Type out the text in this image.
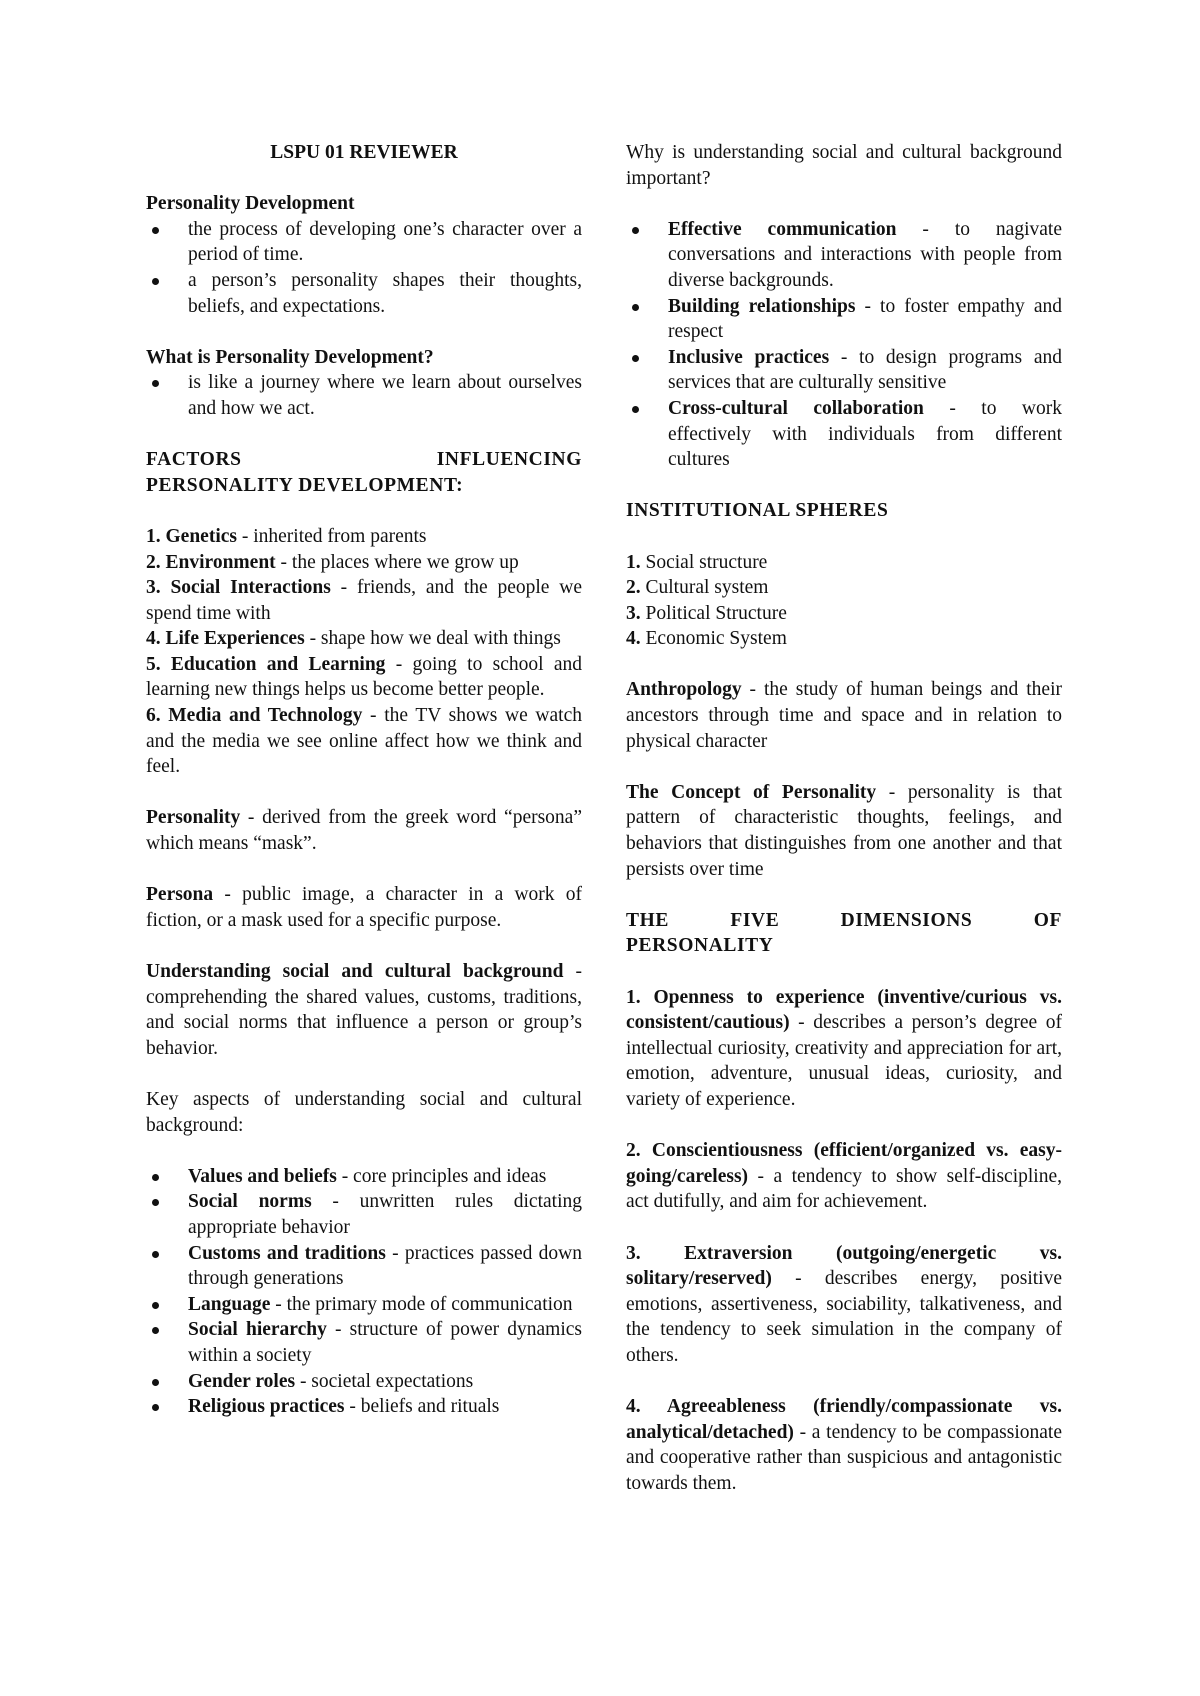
LSPU 01 REVIEWER

Personality Development

the process of developing one’s character over a period of time.
a person’s personality shapes their thoughts, beliefs, and expectations.

What is Personality Development?

is like a journey where we learn about ourselves and how we act.

FACTORS INFLUENCING

PERSONALITY DEVELOPMENT:

1. Genetics - inherited from parents

2. Environment - the places where we grow up

3. Social Interactions - friends, and the people we spend time with

4. Life Experiences - shape how we deal with things

5. Education and Learning - going to school and learning new things helps us become better people.

6. Media and Technology - the TV shows we watch and the media we see online affect how we think and feel.

Personality - derived from the greek word “persona” which means “mask”.

Persona - public image, a character in a work of fiction, or a mask used for a specific purpose.

Understanding social and cultural background - comprehending the shared values, customs, traditions, and social norms that influence a person or group’s behavior.

Key aspects of understanding social and cultural background:

Values and beliefs - core principles and ideas
Social norms - unwritten rules dictating appropriate behavior
Customs and traditions - practices passed down through generations
Language - the primary mode of communication
Social hierarchy - structure of power dynamics within a society
Gender roles - societal expectations
Religious practices - beliefs and rituals

Why is understanding social and cultural background important?

Effective communication - to nagivate conversations and interactions with people from diverse backgrounds.
Building relationships - to foster empathy and respect
Inclusive practices - to design programs and services that are culturally sensitive
Cross-cultural collaboration - to work effectively with individuals from different cultures

INSTITUTIONAL SPHERES

1. Social structure

2. Cultural system

3. Political Structure

4. Economic System

Anthropology - the study of human beings and their ancestors through time and space and in relation to physical character

The Concept of Personality - personality is that pattern of characteristic thoughts, feelings, and behaviors that distinguishes from one another and that persists over time

THE FIVE DIMENSIONS OF

PERSONALITY

1. Openness to experience (inventive/curious vs. consistent/cautious) - describes a person’s degree of intellectual curiosity, creativity and appreciation for art, emotion, adventure, unusual ideas, curiosity, and variety of experience.

2. Conscientiousness (efficient/organized vs. easy-going/careless) - a tendency to show self-discipline, act dutifully, and aim for achievement.

3. Extraversion (outgoing/energetic vs. solitary/reserved) - describes energy, positive emotions, assertiveness, sociability, talkativeness, and the tendency to seek simulation in the company of others.

4. Agreeableness (friendly/compassionate vs. analytical/detached) - a tendency to be compassionate and cooperative rather than suspicious and antagonistic towards them.
